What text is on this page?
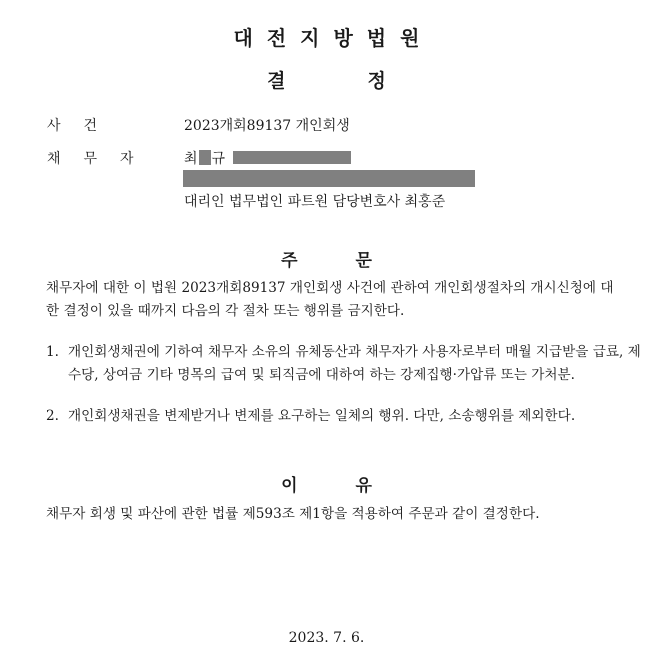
대전지방법원
결정
사건	2023개회89137 개인회생
채무자 최 규
대리인 법무법인 파트원 담당변호사 최홍준
주문
채무자에 대한 이 법원 2023개회89137 개인회생 사건에 관하여 개인회생절차의 개시신청에 대한 결정이 있을 때까지 다음의 각 절차 또는 행위를 금지한다.
1. 개인회생채권에 기하여 채무자 소유의 유체동산과 채무자가 사용자로부터 매월 지급받을 급료, 제수당, 상여금 기타 명목의 급여 및 퇴직금에 대하여 하는 강제집행·가압류 또는 가처분.
2. 개인회생채권을 변제받거나 변제를 요구하는 일체의 행위. 다만, 소송행위를 제외한다.
이유
채무자 회생 및 파산에 관한 법률 제593조 제1항을 적용하여 주문과 같이 결정한다.
2023. 7. 6.
